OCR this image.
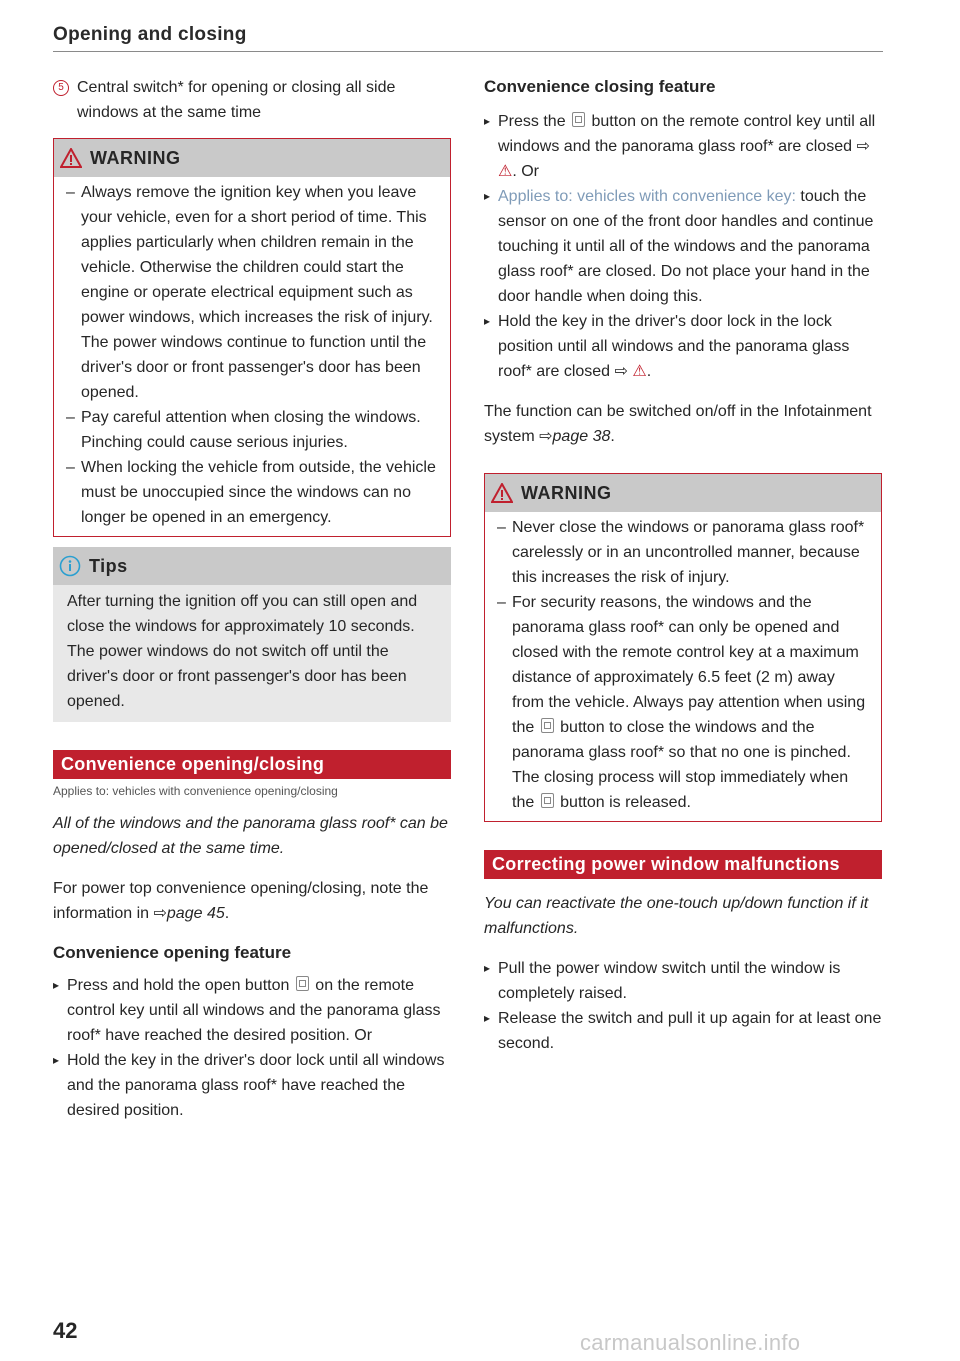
Opening and closing
5 Central switch* for opening or closing all side windows at the same time
WARNING
– Always remove the ignition key when you leave your vehicle, even for a short period of time. This applies particularly when children remain in the vehicle. Otherwise the children could start the engine or operate electrical equipment such as power windows, which increases the risk of injury. The power windows continue to function until the driver's door or front passenger's door has been opened.
– Pay careful attention when closing the windows. Pinching could cause serious injuries.
– When locking the vehicle from outside, the vehicle must be unoccupied since the windows can no longer be opened in an emergency.
Tips

After turning the ignition off you can still open and close the windows for approximately 10 seconds. The power windows do not switch off until the driver's door or front passenger's door has been opened.

Convenience opening/closing
Applies to: vehicles with convenience opening/closing

All of the windows and the panorama glass roof* can be opened/closed at the same time.

For power top convenience opening/closing, note the information in ⇨page 45.

Convenience opening feature
▸ Press and hold the open button on the remote control key until all windows and the panorama glass roof* have reached the desired position. Or
▸ Hold the key in the driver's door lock until all windows and the panorama glass roof* have reached the desired position.
Convenience closing feature
▸ Press the button on the remote control key until all windows and the panorama glass roof* are closed ⇨ ⚠. Or
▸ Applies to: vehicles with convenience key: touch the sensor on one of the front door handles and continue touching it until all of the windows and the panorama glass roof* are closed. Do not place your hand in the door handle when doing this.
▸ Hold the key in the driver's door lock in the lock position until all windows and the panorama glass roof* are closed ⇨ ⚠.

The function can be switched on/off in the Infotainment system ⇨page 38.

WARNING
– Never close the windows or panorama glass roof* carelessly or in an uncontrolled manner, because this increases the risk of injury.
– For security reasons, the windows and the panorama glass roof* can only be opened and closed with the remote control key at a maximum distance of approximately 6.5 feet (2 m) away from the vehicle. Always pay attention when using the button to close the windows and the panorama glass roof* so that no one is pinched. The closing process will stop immediately when the button is released.
Correcting power window malfunctions

You can reactivate the one-touch up/down function if it malfunctions.

▸ Pull the power window switch until the window is completely raised.
▸ Release the switch and pull it up again for at least one second.
42	carmanualsonline.info
